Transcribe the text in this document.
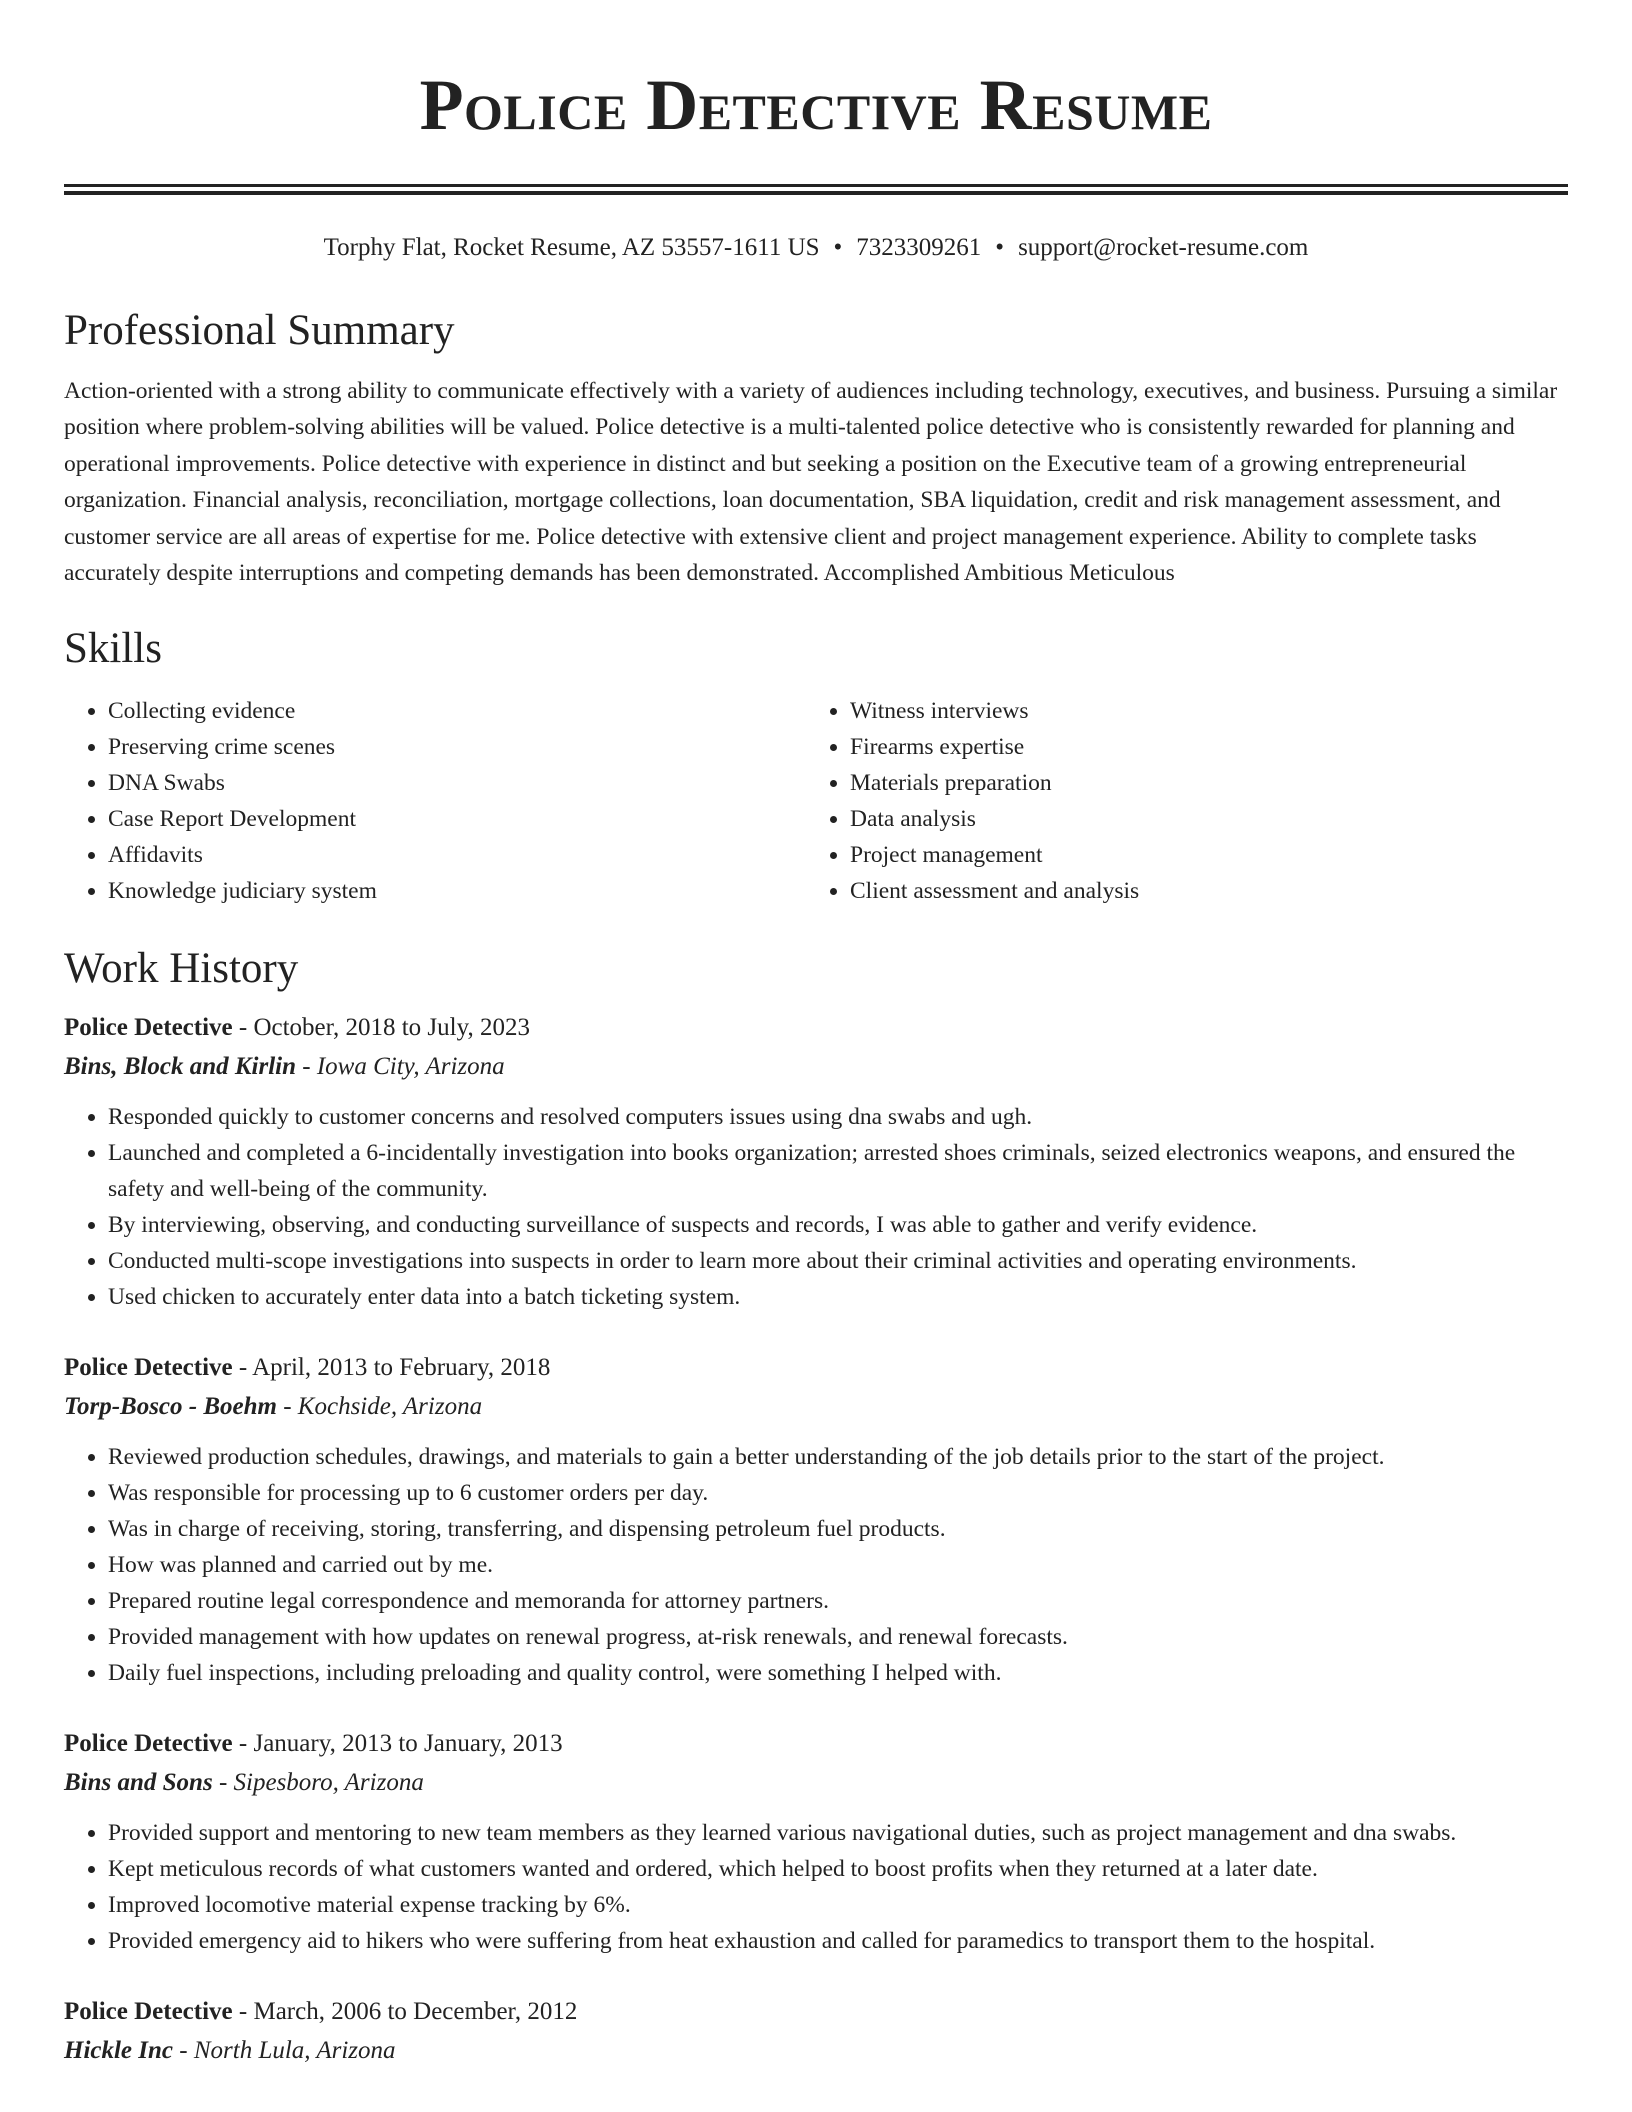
Police Detective Resume
Torphy Flat, Rocket Resume, AZ 53557-1611 US • 7323309261 • support@rocket-resume.com
Professional Summary

Action-oriented with a strong ability to communicate effectively with a variety of audiences including technology, executives, and business. Pursuing a similar position where problem-solving abilities will be valued. Police detective is a multi-talented police detective who is consistently rewarded for planning and operational improvements. Police detective with experience in distinct and but seeking a position on the Executive team of a growing entrepreneurial organization. Financial analysis, reconciliation, mortgage collections, loan documentation, SBA liquidation, credit and risk management assessment, and customer service are all areas of expertise for me. Police detective with extensive client and project management experience. Ability to complete tasks accurately despite interruptions and competing demands has been demonstrated. Accomplished Ambitious Meticulous

Skills
• Collecting evidence
• Preserving crime scenes
• DNA Swabs
• Case Report Development
• Affidavits
• Knowledge judiciary system
• Witness interviews
• Firearms expertise
• Materials preparation
• Data analysis
• Project management
• Client assessment and analysis
Work History
Police Detective - October, 2018 to July, 2023
Bins, Block and Kirlin - Iowa City, Arizona
• Responded quickly to customer concerns and resolved computers issues using dna swabs and ugh.
• Launched and completed a 6-incidentally investigation into books organization; arrested shoes criminals, seized electronics weapons, and ensured the safety and well-being of the community.
• By interviewing, observing, and conducting surveillance of suspects and records, I was able to gather and verify evidence.
• Conducted multi-scope investigations into suspects in order to learn more about their criminal activities and operating environments.
• Used chicken to accurately enter data into a batch ticketing system.
Police Detective - April, 2013 to February, 2018
Torp-Bosco - Boehm - Kochside, Arizona
• Reviewed production schedules, drawings, and materials to gain a better understanding of the job details prior to the start of the project.
• Was responsible for processing up to 6 customer orders per day.
• Was in charge of receiving, storing, transferring, and dispensing petroleum fuel products.
• How was planned and carried out by me.
• Prepared routine legal correspondence and memoranda for attorney partners.
• Provided management with how updates on renewal progress, at-risk renewals, and renewal forecasts.
• Daily fuel inspections, including preloading and quality control, were something I helped with.
Police Detective - January, 2013 to January, 2013
Bins and Sons - Sipesboro, Arizona
• Provided support and mentoring to new team members as they learned various navigational duties, such as project management and dna swabs.
• Kept meticulous records of what customers wanted and ordered, which helped to boost profits when they returned at a later date.
• Improved locomotive material expense tracking by 6%.
• Provided emergency aid to hikers who were suffering from heat exhaustion and called for paramedics to transport them to the hospital.
Police Detective - March, 2006 to December, 2012
Hickle Inc - North Lula, Arizona
